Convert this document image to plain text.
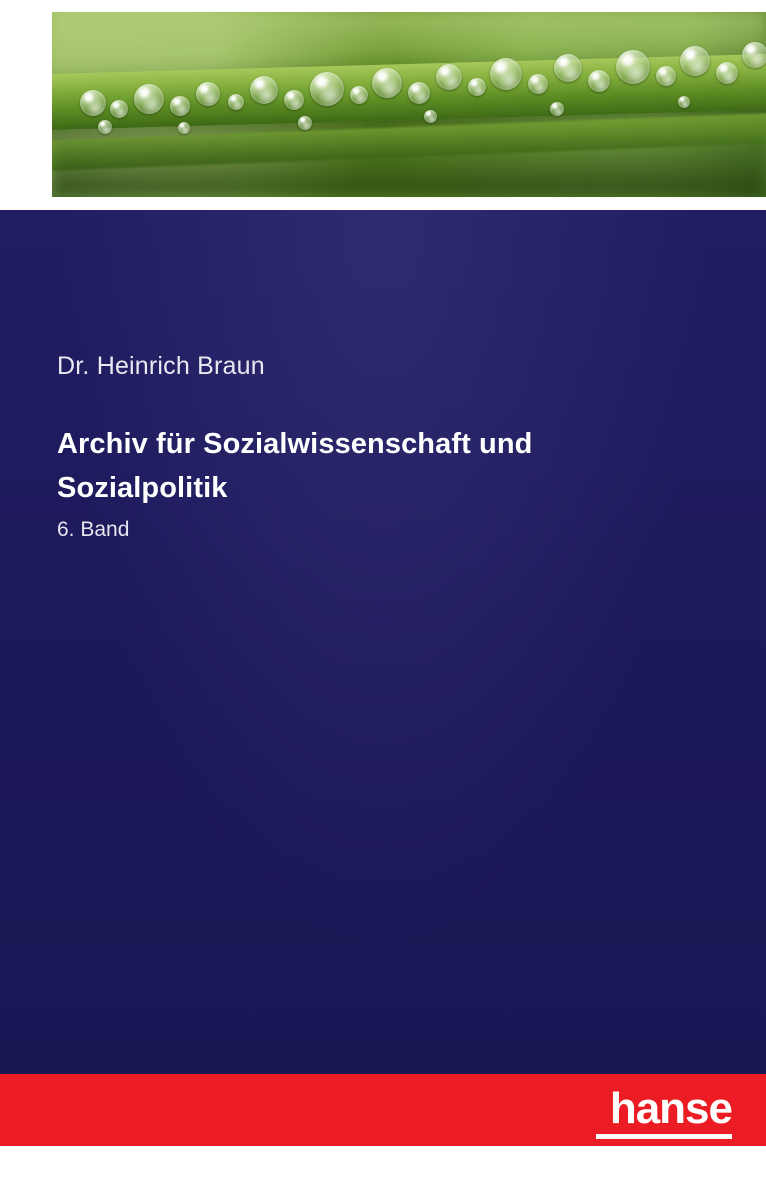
Dr. Heinrich Braun
Archiv für Sozialwissenschaft und Sozialpolitik
6. Band
hanse
